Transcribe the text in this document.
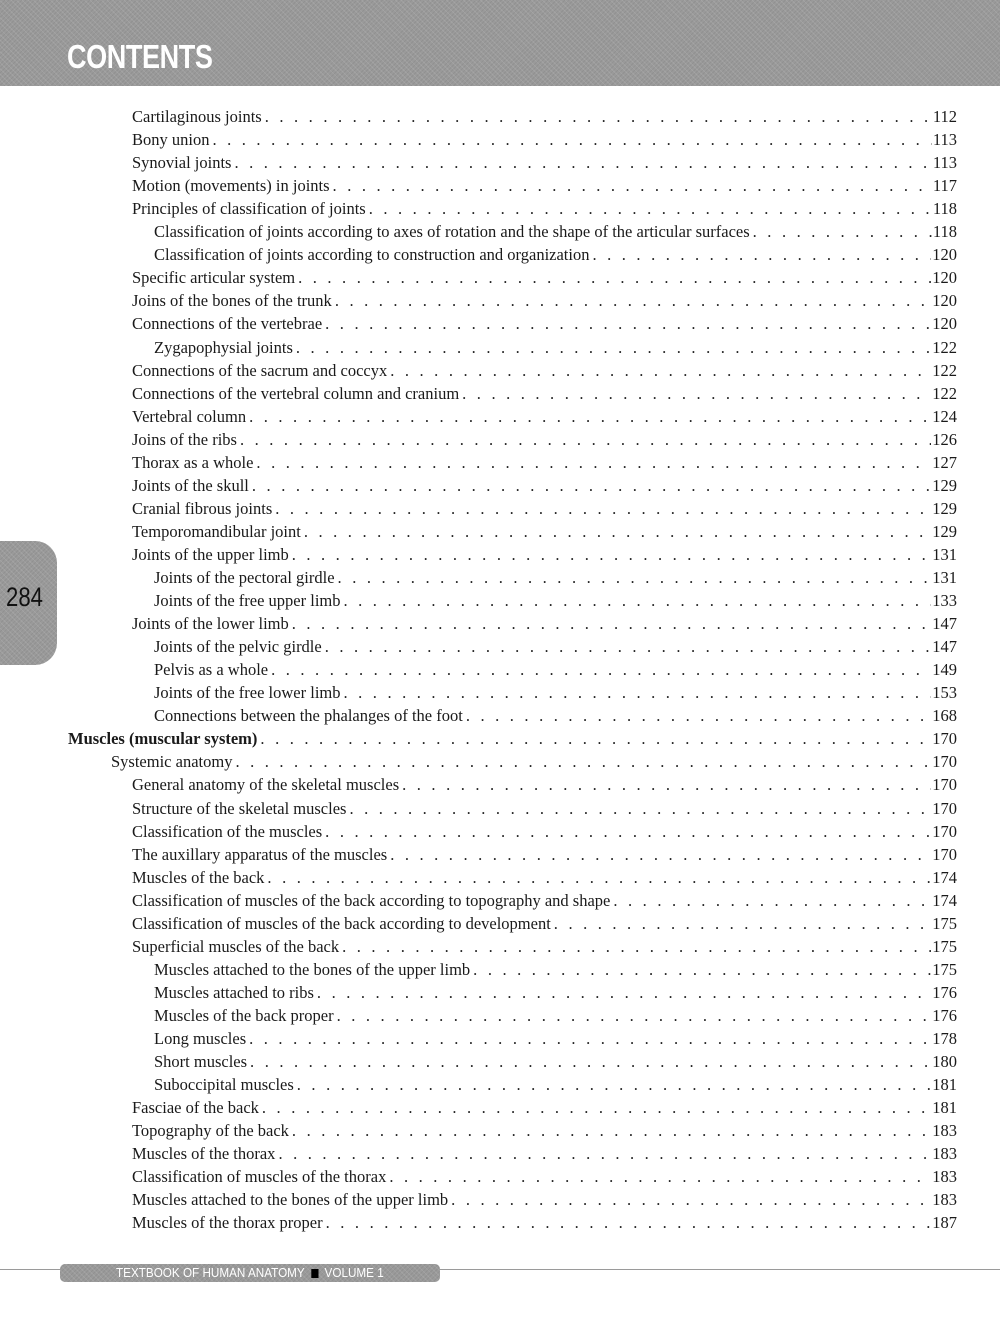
CONTENTS
284
Cartilaginous joints . . .	112
Bony union . . .	113
Synovial joints . . .	113
Motion (movements) in joints . . .	117
Principles of classification of joints . . .	118
Classification of joints according to axes of rotation and the shape of the articular surfaces . . .	118
Classification of joints according to construction and organization . . .	120
Specific articular system . . .	120
Joins of the bones of the trunk . . .	120
Connections of the vertebrae . . .	120
Zygapophysial joints . . .	122
Connections of the sacrum and coccyx . . .	122
Connections of the vertebral column and cranium . . .	122
Vertebral column . . .	124
Joins of the ribs . . .	126
Thorax as a whole . . .	127
Joints of the skull . . .	129
Cranial fibrous joints . . .	129
Temporomandibular joint . . .	129
Joints of the upper limb . . .	131
Joints of the pectoral girdle . . .	131
Joints of the free upper limb . . .	133
Joints of the lower limb . . .	147
Joints of the pelvic girdle . . .	147
Pelvis as a whole . . .	149
Joints of the free lower limb . . .	153
Connections between the phalanges of the foot . . .	168
Muscles (muscular system) . . .	170
Systemic anatomy . . .	170
General anatomy of the skeletal muscles . . .	170
Structure of the skeletal muscles . . .	170
Classification of the muscles . . .	170
The auxillary apparatus of the muscles . . .	170
Muscles of the back . . .	174
Classification of muscles of the back according to topography and shape . . .	174
Classification of muscles of the back according to development . . .	175
Superficial muscles of the back . . .	175
Muscles attached to the bones of the upper limb . . .	175
Muscles attached to ribs . . .	176
Muscles of the back proper . . .	176
Long muscles . . .	178
Short muscles . . .	180
Suboccipital muscles . . .	181
Fasciae of the back . . .	181
Topography of the back . . .	183
Muscles of the thorax . . .	183
Classification of muscles of the thorax . . .	183
Muscles attached to the bones of the upper limb . . .	183
Muscles of the thorax proper . . .	187
TEXTBOOK OF HUMAN ANATOMY VOLUME 1
